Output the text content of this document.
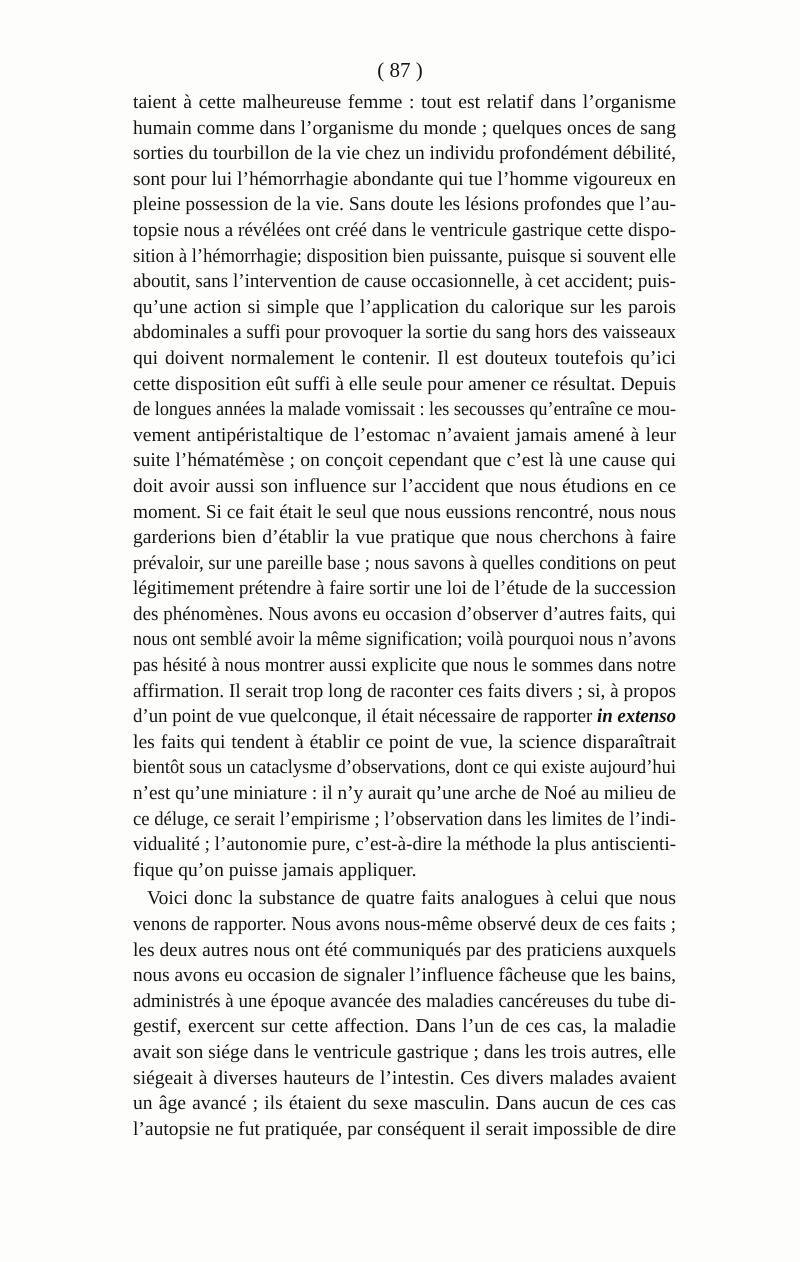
( 87 )
taient à cette malheureuse femme : tout est relatif dans l’organisme
humain comme dans l’organisme du monde ; quelques onces de sang
sorties du tourbillon de la vie chez un individu profondément débilité,
sont pour lui l’hémorrhagie abondante qui tue l’homme vigoureux en
pleine possession de la vie. Sans doute les lésions profondes que l’au-
topsie nous a révélées ont créé dans le ventricule gastrique cette dispo-
sition à l’hémorrhagie; disposition bien puissante, puisque si souvent elle
aboutit, sans l’intervention de cause occasionnelle, à cet accident; puis-
qu’une action si simple que l’application du calorique sur les parois
abdominales a suffi pour provoquer la sortie du sang hors des vaisseaux
qui doivent normalement le contenir. Il est douteux toutefois qu’ici
cette disposition eût suffi à elle seule pour amener ce résultat. Depuis
de longues années la malade vomissait : les secousses qu’entraîne ce mou-
vement antipéristaltique de l’estomac n’avaient jamais amené à leur
suite l’hématémèse ; on conçoit cependant que c’est là une cause qui
doit avoir aussi son influence sur l’accident que nous étudions en ce
moment. Si ce fait était le seul que nous eussions rencontré, nous nous
garderions bien d’établir la vue pratique que nous cherchons à faire
prévaloir, sur une pareille base ; nous savons à quelles conditions on peut
légitimement prétendre à faire sortir une loi de l’étude de la succession
des phénomènes. Nous avons eu occasion d’observer d’autres faits, qui
nous ont semblé avoir la même signification; voilà pourquoi nous n’avons
pas hésité à nous montrer aussi explicite que nous le sommes dans notre
affirmation. Il serait trop long de raconter ces faits divers ; si, à propos
d’un point de vue quelconque, il était nécessaire de rapporter in extenso
les faits qui tendent à établir ce point de vue, la science disparaîtrait
bientôt sous un cataclysme d’observations, dont ce qui existe aujourd’hui
n’est qu’une miniature : il n’y aurait qu’une arche de Noé au milieu de
ce déluge, ce serait l’empirisme ; l’observation dans les limites de l’indi-
vidualité ; l’autonomie pure, c’est-à-dire la méthode la plus antiscienti-
fique qu’on puisse jamais appliquer.
Voici donc la substance de quatre faits analogues à celui que nous
venons de rapporter. Nous avons nous-même observé deux de ces faits ;
les deux autres nous ont été communiqués par des praticiens auxquels
nous avons eu occasion de signaler l’influence fâcheuse que les bains,
administrés à une époque avancée des maladies cancéreuses du tube di-
gestif, exercent sur cette affection. Dans l’un de ces cas, la maladie
avait son siége dans le ventricule gastrique ; dans les trois autres, elle
siégeait à diverses hauteurs de l’intestin. Ces divers malades avaient
un âge avancé ; ils étaient du sexe masculin. Dans aucun de ces cas
l’autopsie ne fut pratiquée, par conséquent il serait impossible de dire
